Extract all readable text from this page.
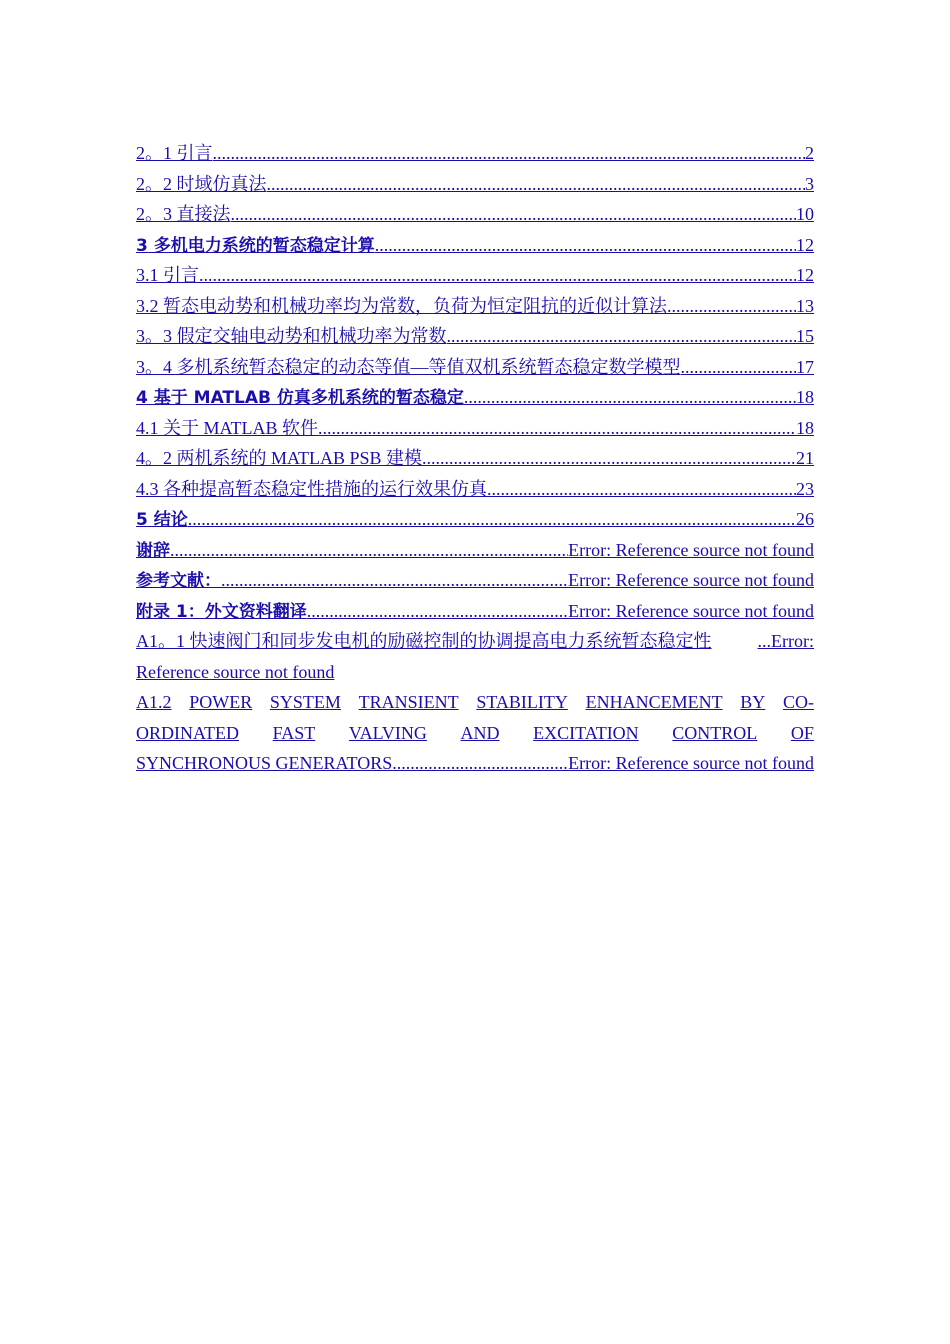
2。1 引言 .....	2
2。2 时域仿真法 .....	3
2。3 直接法 .....	10
3 多机电力系统的暂态稳定计算 .....	12
3.1 引言 .....	12
3.2 暂态电动势和机械功率均为常数，负荷为恒定阻抗的近似计算法 .....	13
3。3 假定交轴电动势和机械功率为常数 .....	15
3。4 多机系统暂态稳定的动态等值—等值双机系统暂态稳定数学模型 .....	17
4 基于 MATLAB 仿真多机系统的暂态稳定 .....	18
4.1 关于 MATLAB 软件 .....	18
4。2 两机系统的 MATLAB PSB 建模 .....	21
4.3 各种提高暂态稳定性措施的运行效果仿真 .....	23
5 结论 .....	26
谢辞 .....	Error: Reference source not found
参考文献： .....	Error: Reference source not found
附录 1：外文资料翻译 .....	Error: Reference source not found
A1。1 快速阀门和同步发电机的励磁控制的协调提高电力系统暂态稳定性	...Error:
Reference source not found
A1.2 POWER SYSTEM TRANSIENT STABILITY ENHANCEMENT BY CO-
ORDINATED FAST VALVING AND EXCITATION CONTROL OF
SYNCHRONOUS GENERATORS .....	Error: Reference source not found
